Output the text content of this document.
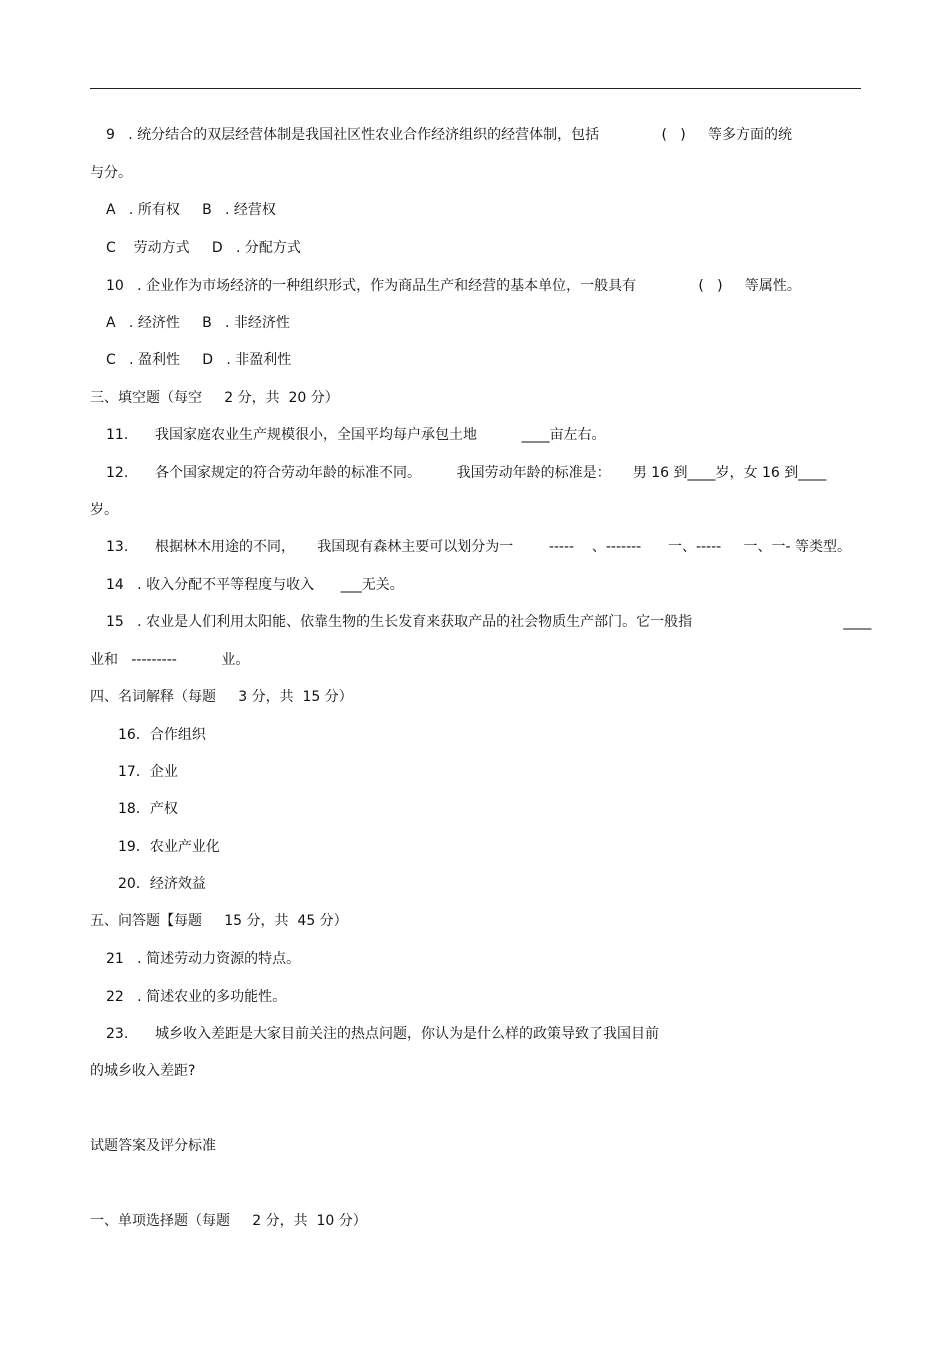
9   . 统分结合的双层经营体制是我国社区性农业合作经济组织的经营体制，包括              (   )     等多方面的统
与分。
A   . 所有权     B   . 经营权
C    劳动方式     D   . 分配方式
10   . 企业作为市场经济的一种组织形式，作为商品生产和经营的基本单位，一般具有              (   )     等属性。
A   . 经济性     B   . 非经济性
C   . 盈利性     D   . 非盈利性
三、填空题（每空     2 分，共  20 分）
11.      我国家庭农业生产规模很小，全国平均每户承包土地          ____亩左右。
12.      各个国家规定的符合劳动年龄的标准不同。        我国劳动年龄的标准是：     男 16 到____岁，女 16 到____
岁。
13.      根据林木用途的不同，     我国现有森林主要可以划分为一        -----    、-------      一、-----     一、一- 等类型。
14   . 收入分配不平等程度与收入      ___无关。
15   . 农业是人们利用太阳能、依靠生物的生长发育来获取产品的社会物质生产部门。它一般指                                  ____
业和   ---------          业。
四、名词解释（每题     3 分，共  15 分）
16．合作组织
17．企业
18．产权
19．农业产业化
20．经济效益
五、问答题【每题     15 分，共  45 分）
21   . 简述劳动力资源的特点。
22   . 简述农业的多功能性。
23.      城乡收入差距是大家目前关注的热点问题，你认为是什么样的政策导致了我国目前
的城乡收入差距?
试题答案及评分标准
一、单项选择题（每题     2 分，共  10 分）
